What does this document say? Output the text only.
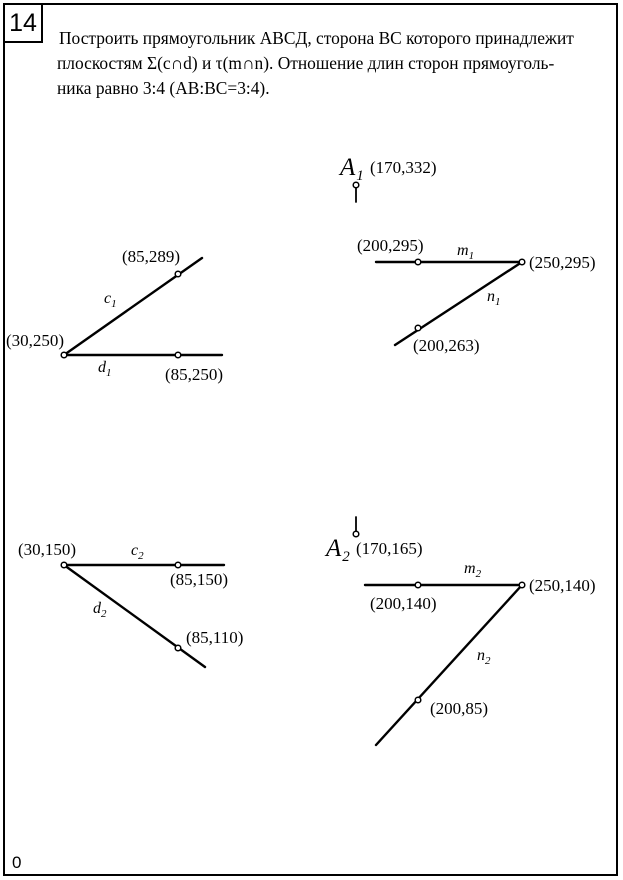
14

Построить прямоугольник ABCД, сторона BC которого принадлежит

плоскостям Σ(c∩d) и τ(m∩n). Отношение длин сторон прямоуголь-

ника равно 3:4 (AB:BC=3:4).

0
$A_1$ (170,332)
$A_2$ (170,165)
$c_1$
$d_1$
$c_2$
$d_2$
$m_1$
$n_1$
$m_2$
$n_2$
(30,250)
(85,289)
(85,250)
(30,150)
(85,150)
(85,110)
(200,295)
(250,295)
(200,263)
(200,140)
(250,140)
(200,85)
